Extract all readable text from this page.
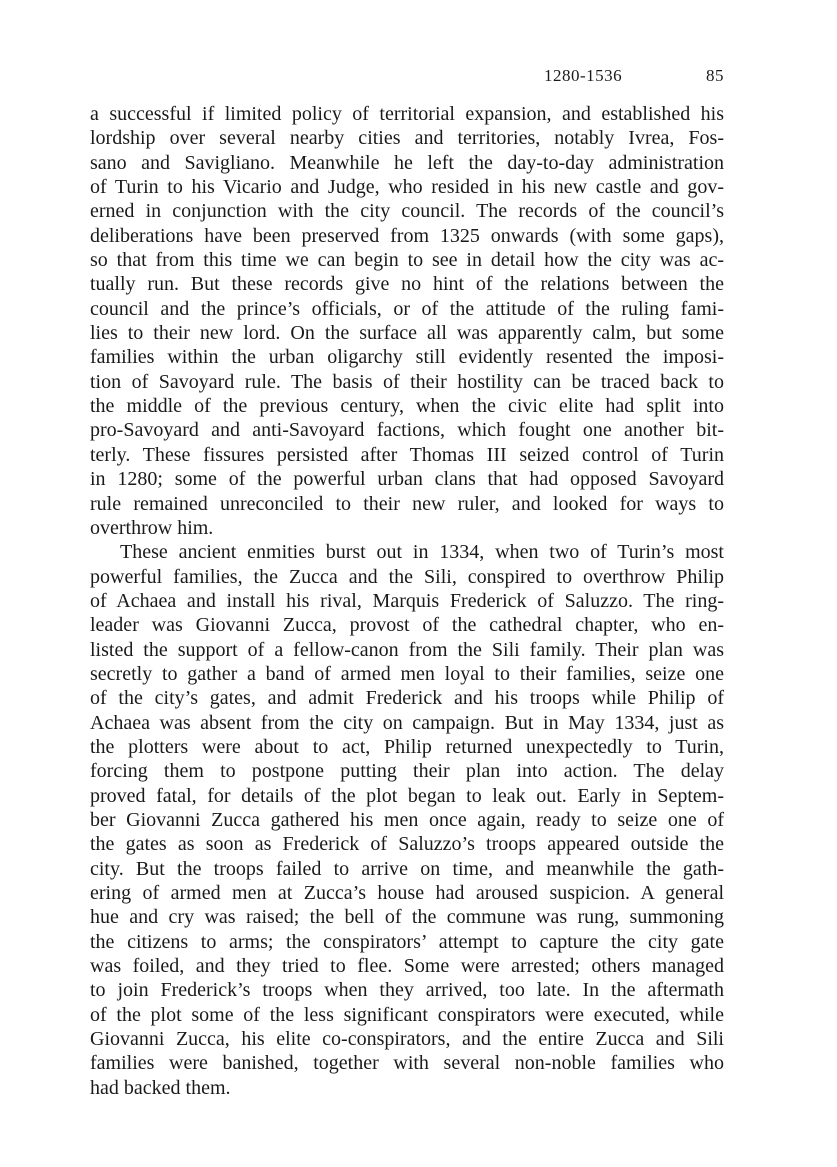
1280-1536	85

a successful if limited policy of territorial expansion, and established his
lordship over several nearby cities and territories, notably Ivrea, Fos-
sano and Savigliano. Meanwhile he left the day-to-day administration
of Turin to his Vicario and Judge, who resided in his new castle and gov-
erned in conjunction with the city council. The records of the council’s
deliberations have been preserved from 1325 onwards (with some gaps),
so that from this time we can begin to see in detail how the city was ac-
tually run. But these records give no hint of the relations between the
council and the prince’s officials, or of the attitude of the ruling fami-
lies to their new lord. On the surface all was apparently calm, but some
families within the urban oligarchy still evidently resented the imposi-
tion of Savoyard rule. The basis of their hostility can be traced back to
the middle of the previous century, when the civic elite had split into
pro-Savoyard and anti-Savoyard factions, which fought one another bit-
terly. These fissures persisted after Thomas III seized control of Turin
in 1280; some of the powerful urban clans that had opposed Savoyard
rule remained unreconciled to their new ruler, and looked for ways to
overthrow him.

These ancient enmities burst out in 1334, when two of Turin’s most
powerful families, the Zucca and the Sili, conspired to overthrow Philip
of Achaea and install his rival, Marquis Frederick of Saluzzo. The ring-
leader was Giovanni Zucca, provost of the cathedral chapter, who en-
listed the support of a fellow-canon from the Sili family. Their plan was
secretly to gather a band of armed men loyal to their families, seize one
of the city’s gates, and admit Frederick and his troops while Philip of
Achaea was absent from the city on campaign. But in May 1334, just as
the plotters were about to act, Philip returned unexpectedly to Turin,
forcing them to postpone putting their plan into action. The delay
proved fatal, for details of the plot began to leak out. Early in Septem-
ber Giovanni Zucca gathered his men once again, ready to seize one of
the gates as soon as Frederick of Saluzzo’s troops appeared outside the
city. But the troops failed to arrive on time, and meanwhile the gath-
ering of armed men at Zucca’s house had aroused suspicion. A general
hue and cry was raised; the bell of the commune was rung, summoning
the citizens to arms; the conspirators’ attempt to capture the city gate
was foiled, and they tried to flee. Some were arrested; others managed
to join Frederick’s troops when they arrived, too late. In the aftermath
of the plot some of the less significant conspirators were executed, while
Giovanni Zucca, his elite co-conspirators, and the entire Zucca and Sili
families were banished, together with several non-noble families who
had backed them.
